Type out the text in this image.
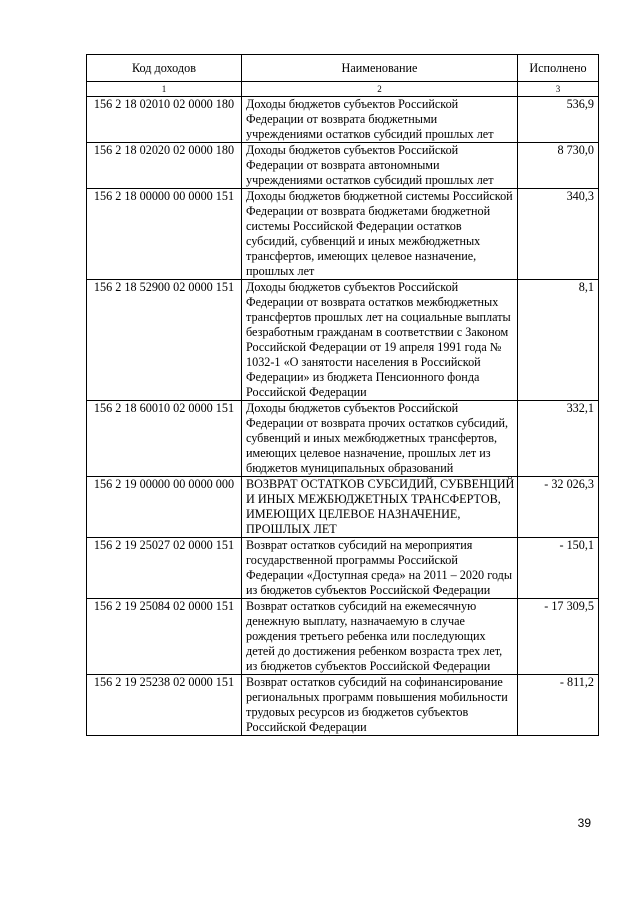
Код доходов	Наименование	Исполнено
1	2	3
156 2 18 02010 02 0000 180	Доходы бюджетов субъектов Российской Федерации от возврата бюджетными учреждениями остатков субсидий прошлых лет	536,9
156 2 18 02020 02 0000 180	Доходы бюджетов субъектов Российской Федерации от возврата автономными учреждениями остатков субсидий прошлых лет	8 730,0
156 2 18 00000 00 0000 151	Доходы бюджетов бюджетной системы Российской Федерации от возврата бюджетами бюджетной системы Российской Федерации остатков субсидий, субвенций и иных межбюджетных трансфертов, имеющих целевое назначение, прошлых лет	340,3
156 2 18 52900 02 0000 151	Доходы бюджетов субъектов Российской Федерации от возврата остатков межбюджетных трансфертов прошлых лет на социальные выплаты безработным гражданам в соответствии с Законом Российской Федерации от 19 апреля 1991 года № 1032-1 «О занятости населения в Российской Федерации» из бюджета Пенсионного фонда Российской Федерации	8,1
156 2 18 60010 02 0000 151	Доходы бюджетов субъектов Российской Федерации от возврата прочих остатков субсидий, субвенций и иных межбюджетных трансфертов, имеющих целевое назначение, прошлых лет из бюджетов муниципальных образований	332,1
156 2 19 00000 00 0000 000	ВОЗВРАТ ОСТАТКОВ СУБСИДИЙ, СУБВЕНЦИЙ И ИНЫХ МЕЖБЮДЖЕТНЫХ ТРАНСФЕРТОВ, ИМЕЮЩИХ ЦЕЛЕВОЕ НАЗНАЧЕНИЕ, ПРОШЛЫХ ЛЕТ	- 32 026,3
156 2 19 25027 02 0000 151	Возврат остатков субсидий на мероприятия государственной программы Российской Федерации «Доступная среда» на 2011 – 2020 годы из бюджетов субъектов Российской Федерации	- 150,1
156 2 19 25084 02 0000 151	Возврат остатков субсидий на ежемесячную денежную выплату, назначаемую в случае рождения третьего ребенка или последующих детей до достижения ребенком возраста трех лет, из бюджетов субъектов Российской Федерации	- 17 309,5
156 2 19 25238 02 0000 151	Возврат остатков субсидий на софинансирование региональных программ повышения мобильности трудовых ресурсов из бюджетов субъектов Российской Федерации	- 811,2
39
